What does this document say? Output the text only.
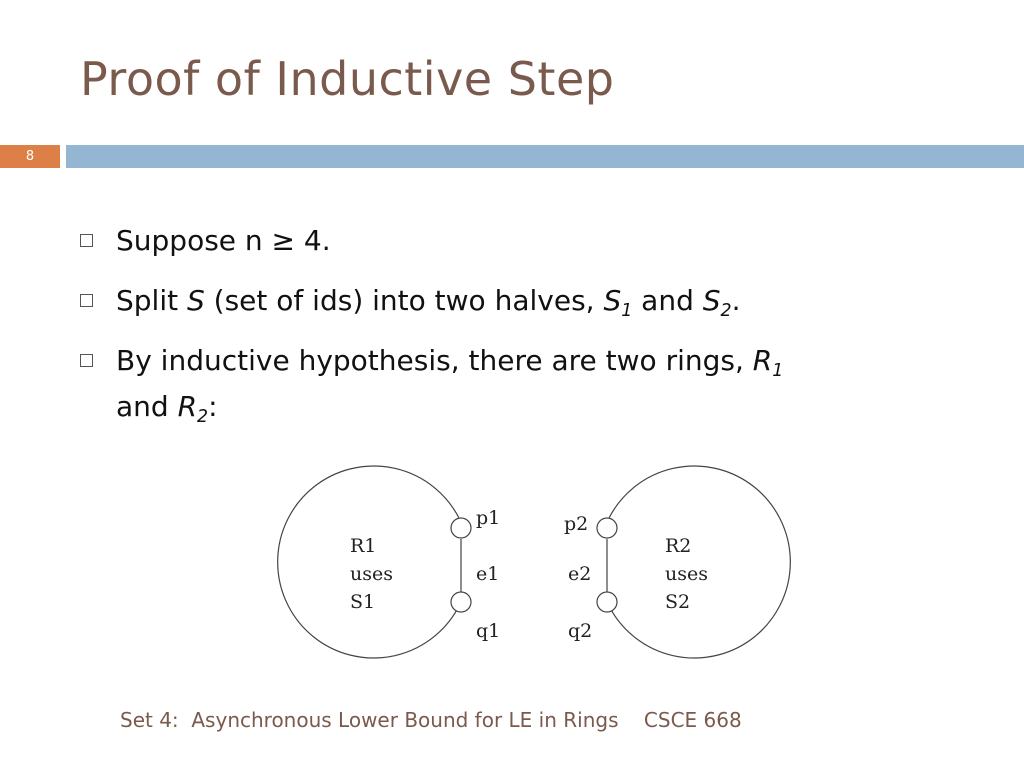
Proof of Inductive Step
8
Suppose n ≥ 4.
Split S (set of ids) into two halves, $S_1$ and $S_2$.
By inductive hypothesis, there are two rings, $R_1$
and $R_2$:
R1
uses
S1
p1
e1
q1
R2
uses
S2
p2
e2
q2
Set 4:  Asynchronous Lower Bound for LE in Rings    CSCE 668
